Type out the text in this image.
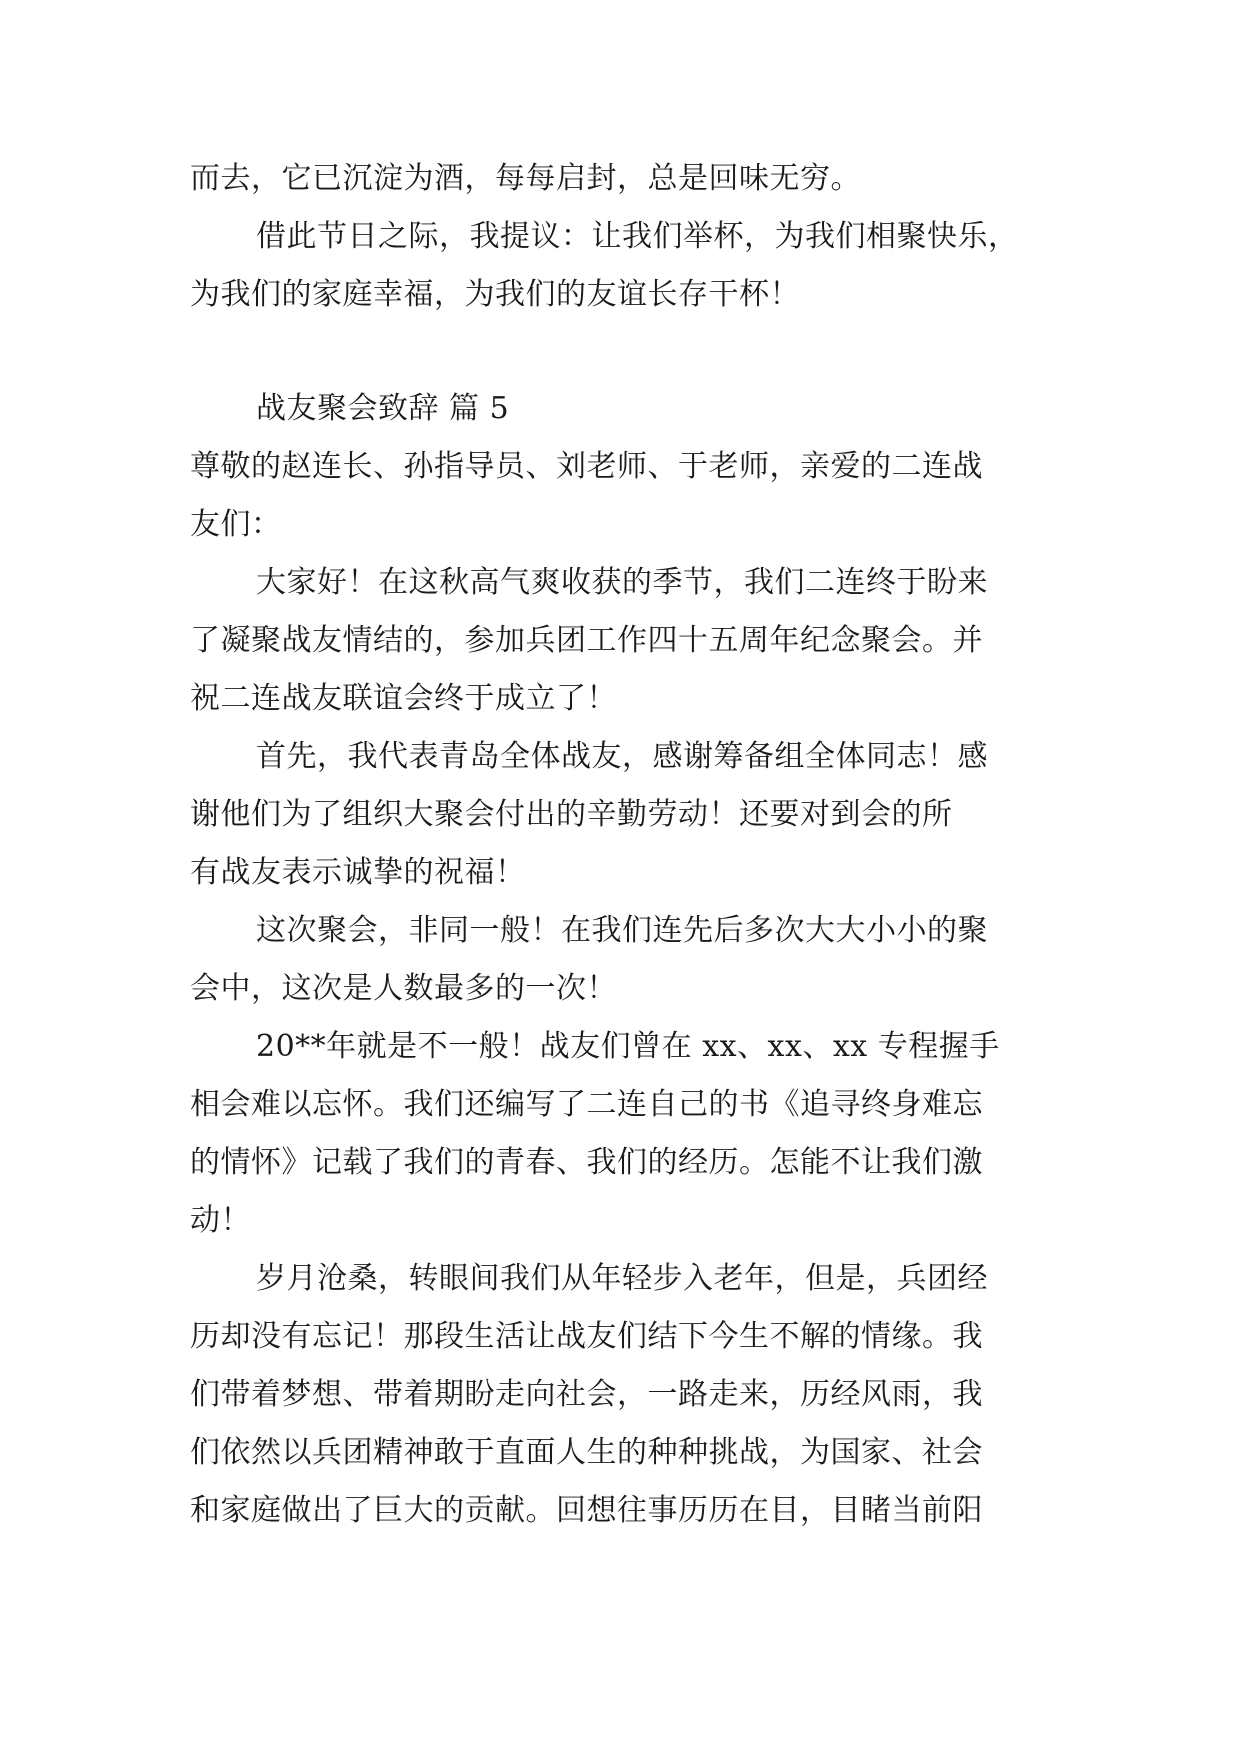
而去，它已沉淀为酒，每每启封，总是回味无穷。
借此节日之际，我提议：让我们举杯，为我们相聚快乐，
为我们的家庭幸福，为我们的友谊长存干杯！
战友聚会致辞 篇 5
尊敬的赵连长、孙指导员、刘老师、于老师，亲爱的二连战
友们：
大家好！在这秋高气爽收获的季节，我们二连终于盼来
了凝聚战友情结的，参加兵团工作四十五周年纪念聚会。并
祝二连战友联谊会终于成立了！
首先，我代表青岛全体战友，感谢筹备组全体同志！感
谢他们为了组织大聚会付出的辛勤劳动！还要对到会的所
有战友表示诚挚的祝福！
这次聚会，非同一般！在我们连先后多次大大小小的聚
会中，这次是人数最多的一次！
20**年就是不一般！战友们曾在 xx、xx、xx 专程握手
相会难以忘怀。我们还编写了二连自己的书《追寻终身难忘
的情怀》记载了我们的青春、我们的经历。怎能不让我们激
动！
岁月沧桑，转眼间我们从年轻步入老年，但是，兵团经
历却没有忘记！那段生活让战友们结下今生不解的情缘。我
们带着梦想、带着期盼走向社会，一路走来，历经风雨，我
们依然以兵团精神敢于直面人生的种种挑战，为国家、社会
和家庭做出了巨大的贡献。回想往事历历在目，目睹当前阳
